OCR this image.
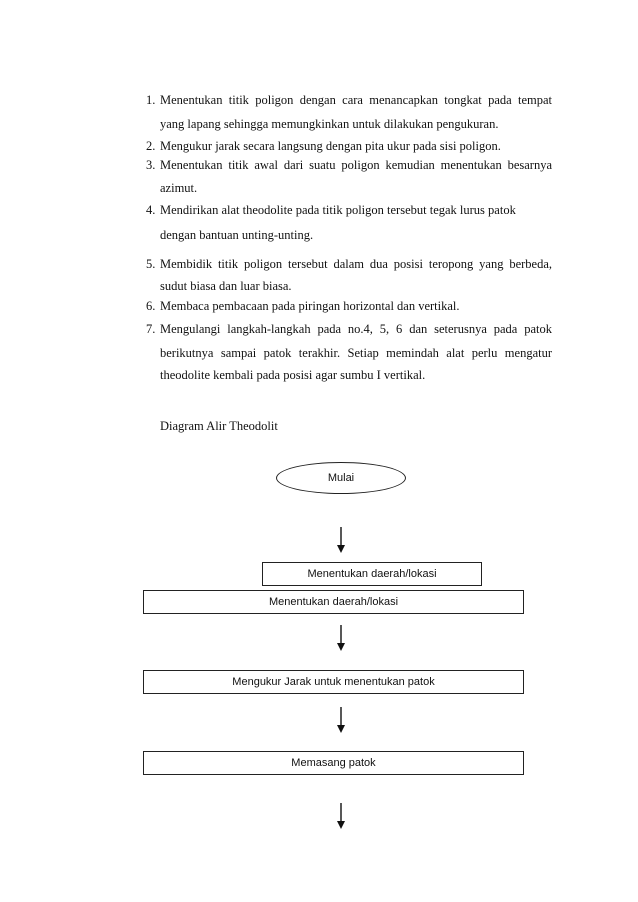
1. Menentukan titik poligon dengan cara menancapkan tongkat pada tempat
yang lapang sehingga memungkinkan untuk dilakukan pengukuran.
2. Mengukur jarak secara langsung dengan pita ukur pada sisi poligon.
3. Menentukan titik awal dari suatu poligon kemudian menentukan besarnya
azimut.
4. Mendirikan alat theodolite pada titik poligon tersebut tegak lurus patok
dengan bantuan unting-unting.
5. Membidik titik poligon tersebut dalam dua posisi teropong yang berbeda,
sudut biasa dan luar biasa.
6. Membaca pembacaan pada piringan horizontal dan vertikal.
7. Mengulangi langkah-langkah pada no.4, 5, 6 dan seterusnya pada patok
berikutnya sampai patok terakhir. Setiap memindah alat perlu mengatur
theodolite kembali pada posisi agar sumbu I vertikal.
Diagram Alir Theodolit
Mulai
Menentukan daerah/lokasi
Menentukan daerah/lokasi
Mengukur Jarak untuk menentukan patok
Memasang patok
